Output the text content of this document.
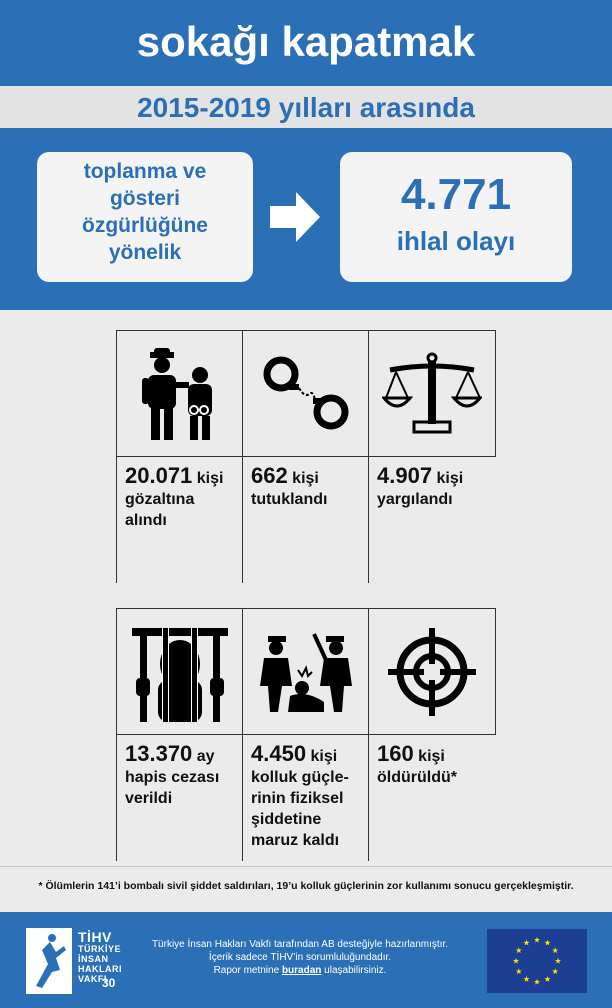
sokağı kapatmak
2015-2019 yılları arasında
toplanma ve
gösteri
özgürlüğüne
yönelik
4.771
ihlal olayı
20.071 kişi
gözaltına
alındı
662 kişi
tutuklandı
4.907 kişi
yargılandı
13.370 ay
hapis cezası
verildi
4.450 kişi
kolluk güçle-
rinin fiziksel
şiddetine
maruz kaldı
160 kişi
öldürüldü*
* Ölümlerin 141’i bombalı sivil şiddet saldırıları, 19’u kolluk güçlerinin zor kullanımı sonucu gerçekleşmiştir.
TİHV
TÜRKİYE
İNSAN
HAKLARI
VAKFI
30
Türkiye İnsan Hakları Vakfı tarafından AB desteğiyle hazırlanmıştır.
İçerik sadece TİHV’in sorumluluğundadır.
Rapor metnine buradan ulaşabilirsiniz.
